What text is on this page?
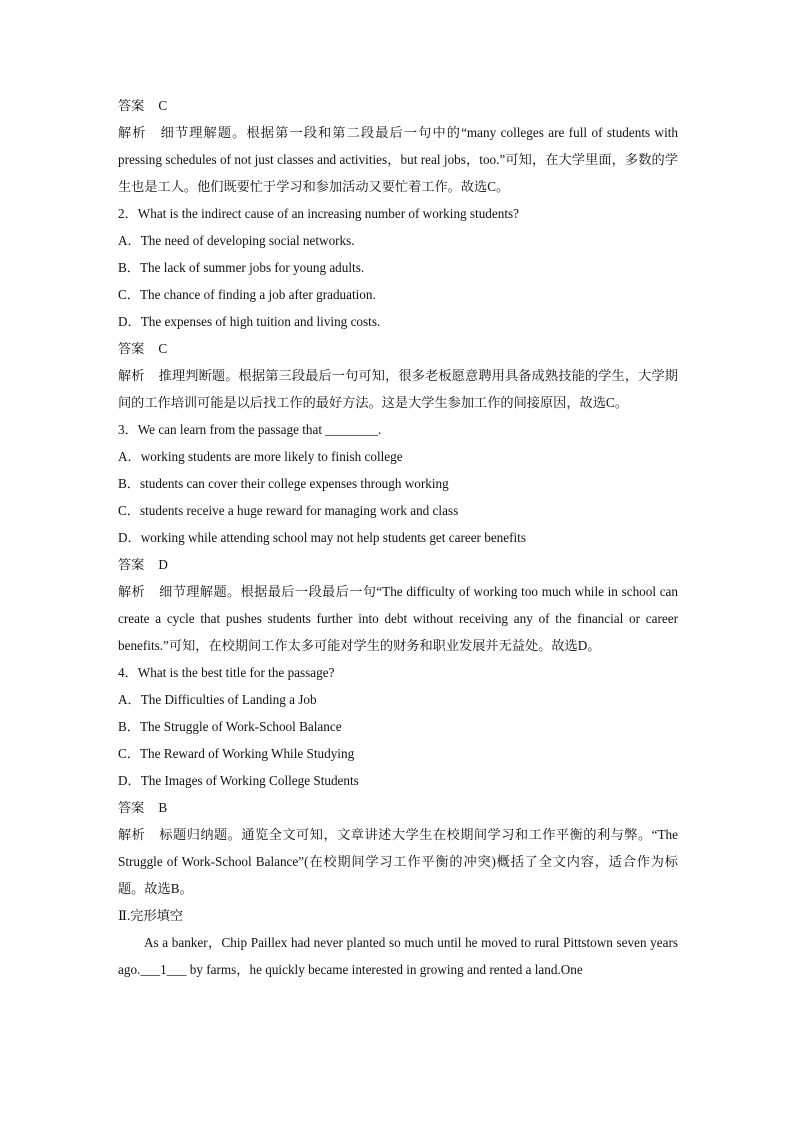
答案 C
解析 细节理解题。根据第一段和第二段最后一句中的“many colleges are full of students with pressing schedules of not just classes and activities，but real jobs，too.”可知，在大学里面，多数的学生也是工人。他们既要忙于学习和参加活动又要忙着工作。故选C。
2．What is the indirect cause of an increasing number of working students?
A．The need of developing social networks.
B．The lack of summer jobs for young adults.
C．The chance of finding a job after graduation.
D．The expenses of high tuition and living costs.
答案 C
解析 推理判断题。根据第三段最后一句可知，很多老板愿意聘用具备成熟技能的学生，大学期间的工作培训可能是以后找工作的最好方法。这是大学生参加工作的间接原因，故选C。
3．We can learn from the passage that ________.
A．working students are more likely to finish college
B．students can cover their college expenses through working
C．students receive a huge reward for managing work and class
D．working while attending school may not help students get career benefits
答案 D
解析 细节理解题。根据最后一段最后一句“The difficulty of working too much while in school can create a cycle that pushes students further into debt without receiving any of the financial or career benefits.”可知，在校期间工作太多可能对学生的财务和职业发展并无益处。故选D。
4．What is the best title for the passage?
A．The Difficulties of Landing a Job
B．The Struggle of Work-School Balance
C．The Reward of Working While Studying
D．The Images of Working College Students
答案 B
解析 标题归纳题。通览全文可知，文章讲述大学生在校期间学习和工作平衡的利与弊。“The Struggle of Work-School Balance”(在校期间学习工作平衡的冲突)概括了全文内容，适合作为标题。故选B。
Ⅱ.完形填空
As a banker，Chip Paillex had never planted so much until he moved to rural Pittstown seven years ago.___1___ by farms，he quickly became interested in growing and rented a land.One
